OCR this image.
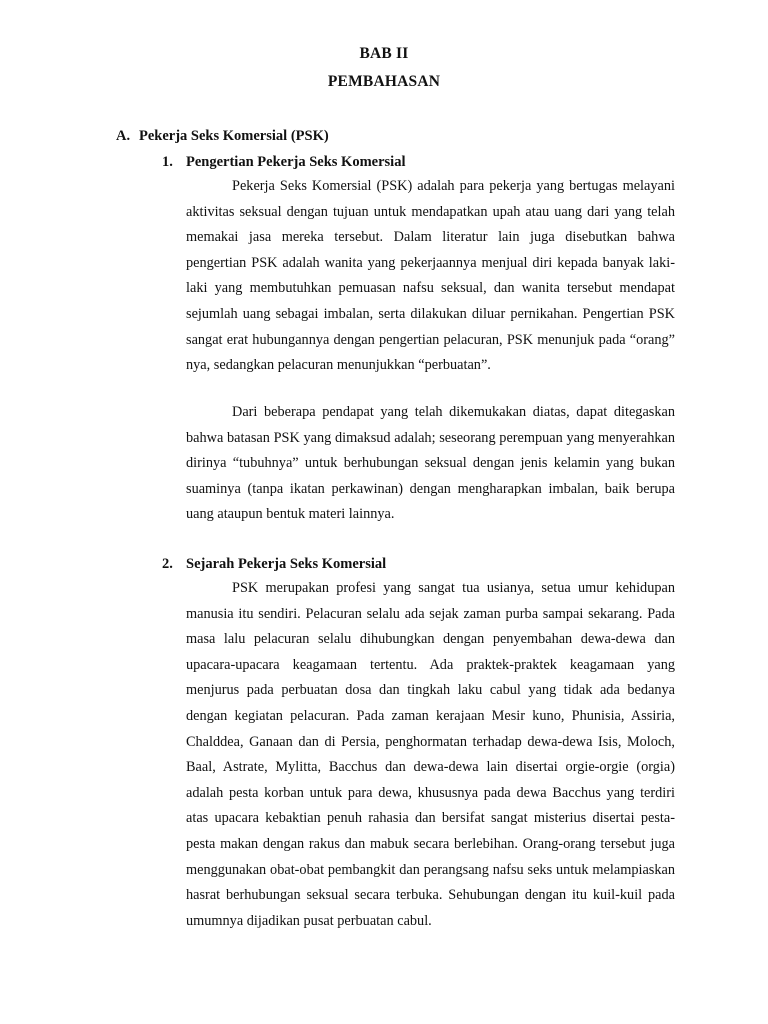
BAB II
PEMBAHASAN
A. Pekerja Seks Komersial (PSK)
1. Pengertian Pekerja Seks Komersial

Pekerja Seks Komersial (PSK) adalah para pekerja yang bertugas melayani aktivitas seksual dengan tujuan untuk mendapatkan upah atau uang dari yang telah memakai jasa mereka tersebut. Dalam literatur lain juga disebutkan bahwa pengertian PSK adalah wanita yang pekerjaannya menjual diri kepada banyak laki-laki yang membutuhkan pemuasan nafsu seksual, dan wanita tersebut mendapat sejumlah uang sebagai imbalan, serta dilakukan diluar pernikahan. Pengertian PSK sangat erat hubungannya dengan pengertian pelacuran, PSK menunjuk pada “orang” nya, sedangkan pelacuran menunjukkan “perbuatan”.

Dari beberapa pendapat yang telah dikemukakan diatas, dapat ditegaskan bahwa batasan PSK yang dimaksud adalah; seseorang perempuan yang menyerahkan dirinya “tubuhnya” untuk berhubungan seksual dengan jenis kelamin yang bukan suaminya (tanpa ikatan perkawinan) dengan mengharapkan imbalan, baik berupa uang ataupun bentuk materi lainnya.

2. Sejarah Pekerja Seks Komersial

PSK merupakan profesi yang sangat tua usianya, setua umur kehidupan manusia itu sendiri. Pelacuran selalu ada sejak zaman purba sampai sekarang. Pada masa lalu pelacuran selalu dihubungkan dengan penyembahan dewa-dewa dan upacara-upacara keagamaan tertentu. Ada praktek-praktek keagamaan yang menjurus pada perbuatan dosa dan tingkah laku cabul yang tidak ada bedanya dengan kegiatan pelacuran. Pada zaman kerajaan Mesir kuno, Phunisia, Assiria, Chalddea, Ganaan dan di Persia, penghormatan terhadap dewa-dewa Isis, Moloch, Baal, Astrate, Mylitta, Bacchus dan dewa-dewa lain disertai orgie-orgie (orgia) adalah pesta korban untuk para dewa, khususnya pada dewa Bacchus yang terdiri atas upacara kebaktian penuh rahasia dan bersifat sangat misterius disertai pesta-pesta makan dengan rakus dan mabuk secara berlebihan. Orang-orang tersebut juga menggunakan obat-obat pembangkit dan perangsang nafsu seks untuk melampiaskan hasrat berhubungan seksual secara terbuka. Sehubungan dengan itu kuil-kuil pada umumnya dijadikan pusat perbuatan cabul.
